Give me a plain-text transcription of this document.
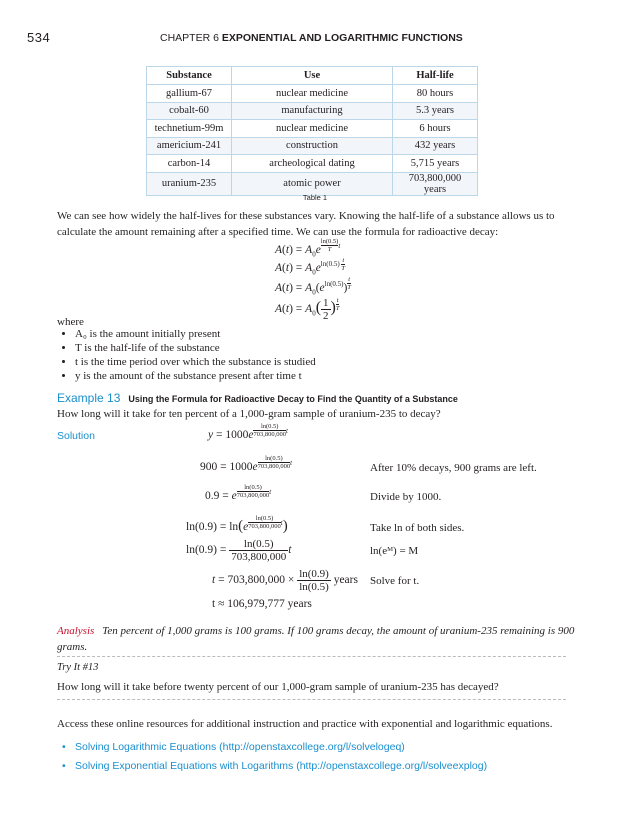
534	CHAPTER 6 EXPONENTIAL AND LOGARITHMIC FUNCTIONS
Substance	Use	Half-life
gallium-67	nuclear medicine	80 hours
cobalt-60	manufacturing	5.3 years
technetium-99m	nuclear medicine	6 hours
americium-241	construction	432 years
carbon-14	archeological dating	5,715 years
uranium-235	atomic power	703,800,000 years
Table 1
We can see how widely the half-lives for these substances vary. Knowing the half-life of a substance allows us to calculate the amount remaining after a specified time. We can use the formula for radioactive decay:
$A(t) = A_0e \frac{\ln(0.5)}{T} ^t$
$A(t) = A_0e^{ln(0.5) \frac{t}{T}}$
$A(t) = A_0(e^{ln(0.5)}) \frac{t}{T}$
$A(t) = A_0( \frac{1}{2}$ ) $\frac{t}{T}$
where
• A₀ is the amount initially present
• T is the half-life of the substance
• t is the time period over which the substance is studied
• y is the amount of the substance present after time t
Example 13 Using the Formula for Radioactive Decay to Find the Quantity of a Substance
How long will it take for ten percent of a 1,000-gram sample of uranium-235 to decay?
Solution	$y = 1000e \frac{\ln(0.5)}{703,800,000} ^t$
$900 = 1000e \frac{\ln(0.5)}{703,800,000} ^t$	After 10% decays, 900 grams are left.
0.9 = e $\frac{\ln(0.5)}{703,800,000} ^t$	Divide by 1000.
$\ln(0.9) = \ln(e \frac{\ln(0.5)}{703,800,000} ^t)$	Take ln of both sides.
$\ln(0.9) = \frac{\ln(0.5)}{703,800,000}$ t	ln(eᴹ) = M
$t = 703,800,000 \times \frac{\ln(0.9)}{\ln(0.5)}$ years Solve for t.
t ≈ 106,979,777 years
Analysis Ten percent of 1,000 grams is 100 grams. If 100 grams decay, the amount of uranium-235 remaining is 900 grams.
Try It #13
How long will it take before twenty percent of our 1,000-gram sample of uranium-235 has decayed?
Access these online resources for additional instruction and practice with exponential and logarithmic equations.
• Solving Logarithmic Equations (http://openstaxcollege.org/l/solvelogeq)
• Solving Exponential Equations with Logarithms (http://openstaxcollege.org/l/solveexplog)
